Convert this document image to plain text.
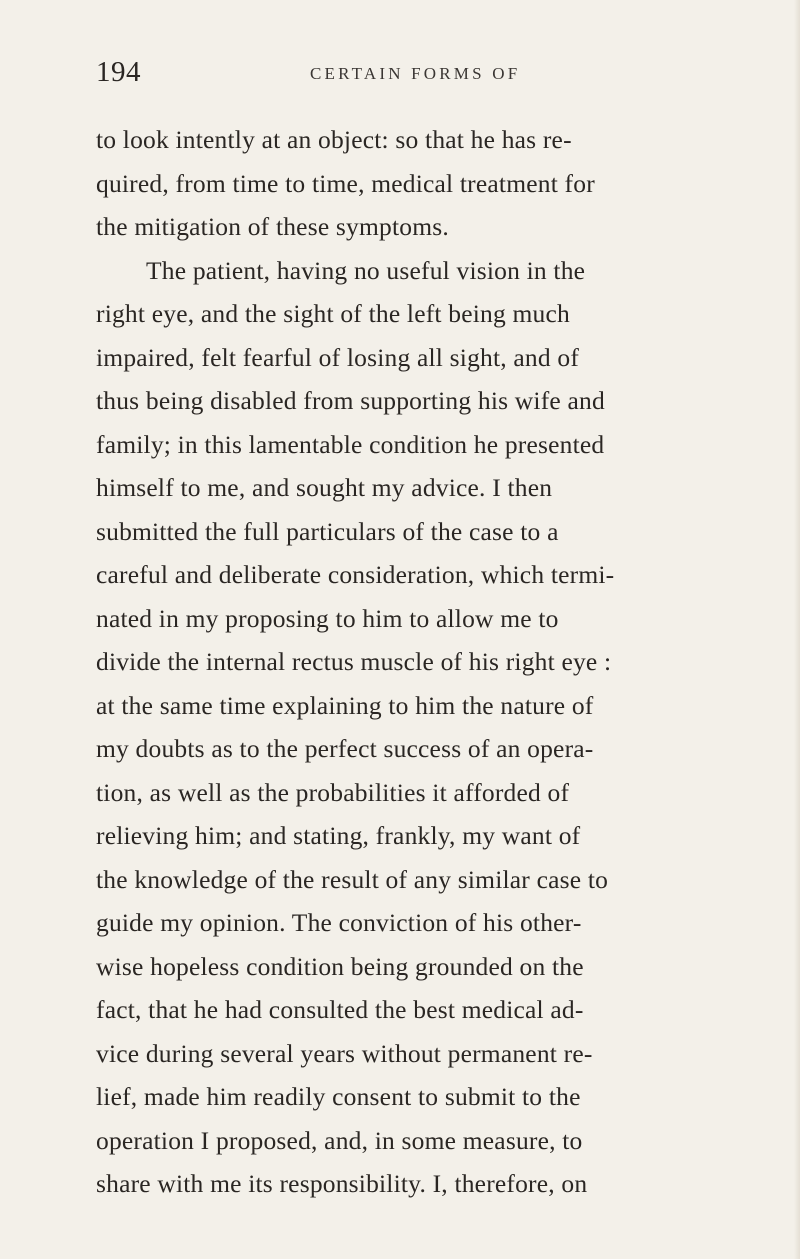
194	CERTAIN FORMS OF
to look intently at an object: so that he has re-
quired, from time to time, medical treatment for
the mitigation of these symptoms.
The patient, having no useful vision in the
right eye, and the sight of the left being much
impaired, felt fearful of losing all sight, and of
thus being disabled from supporting his wife and
family; in this lamentable condition he presented
himself to me, and sought my advice. I then
submitted the full particulars of the case to a
careful and deliberate consideration, which termi-
nated in my proposing to him to allow me to
divide the internal rectus muscle of his right eye :
at the same time explaining to him the nature of
my doubts as to the perfect success of an opera-
tion, as well as the probabilities it afforded of
relieving him; and stating, frankly, my want of
the knowledge of the result of any similar case to
guide my opinion. The conviction of his other-
wise hopeless condition being grounded on the
fact, that he had consulted the best medical ad-
vice during several years without permanent re-
lief, made him readily consent to submit to the
operation I proposed, and, in some measure, to
share with me its responsibility. I, therefore, on
